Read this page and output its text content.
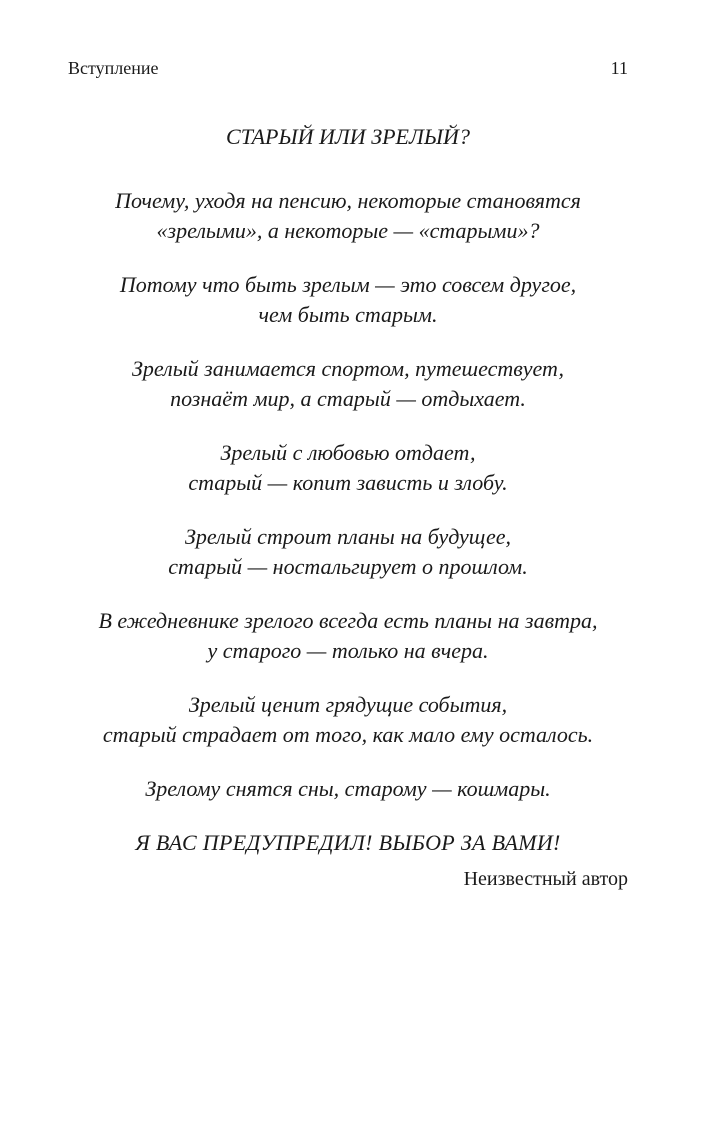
Вступление	11
СТАРЫЙ ИЛИ ЗРЕЛЫЙ?
Почему, уходя на пенсию, некоторые становятся
«зрелыми», а некоторые — «старыми»?
Потому что быть зрелым — это совсем другое,
чем быть старым.
Зрелый занимается спортом, путешествует,
познаёт мир, а старый — отдыхает.
Зрелый с любовью отдает,
старый — копит зависть и злобу.
Зрелый строит планы на будущее,
старый — ностальгирует о прошлом.
В ежедневнике зрелого всегда есть планы на завтра,
у старого — только на вчера.
Зрелый ценит грядущие события,
старый страдает от того, как мало ему осталось.
Зрелому снятся сны, старому — кошмары.
Я ВАС ПРЕДУПРЕДИЛ! ВЫБОР ЗА ВАМИ!
Неизвестный автор
